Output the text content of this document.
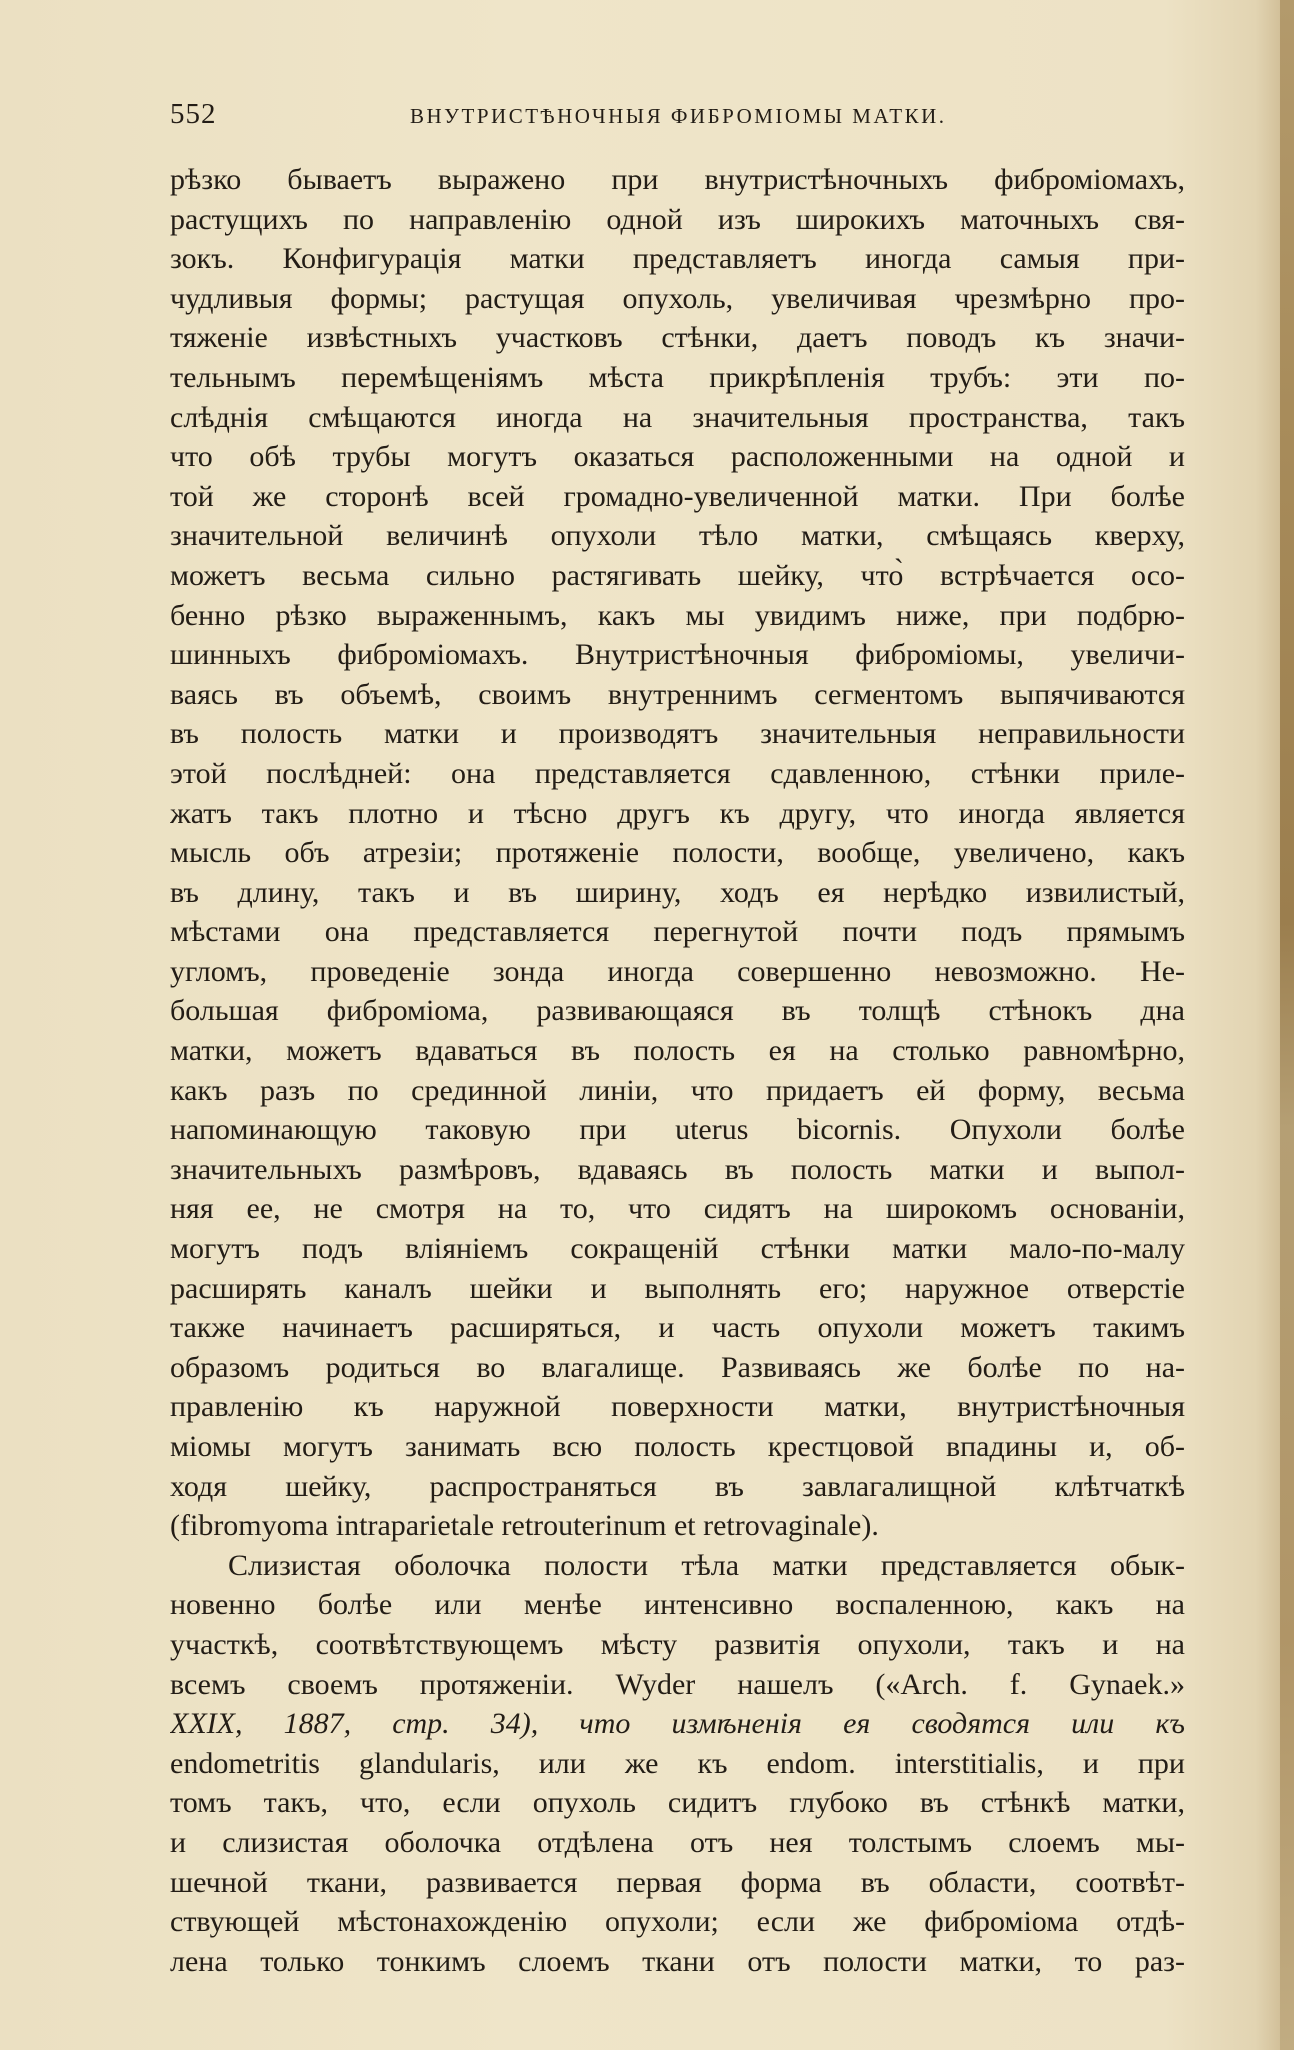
552	ВНУТРИСТѢНОЧНЫЯ ФИБРОМІОМЫ МАТКИ.
рѣзко бываетъ выражено при внутристѣночныхъ фиброміомахъ,
растущихъ по направленію одной изъ широкихъ маточныхъ свя-
зокъ. Конфигурація матки представляетъ иногда самыя при-
чудливыя формы; растущая опухоль, увеличивая чрезмѣрно про-
тяженіе извѣстныхъ участковъ стѣнки, даетъ поводъ къ значи-
тельнымъ перемѣщеніямъ мѣста прикрѣпленія трубъ: эти по-
слѣднія смѣщаются иногда на значительныя пространства, такъ
что обѣ трубы могутъ оказаться расположенными на одной и
той же сторонѣ всей громадно-увеличенной матки. При болѣе
значительной величинѣ опухоли тѣло матки, смѣщаясь кверху,
можетъ весьма сильно растягивать шейку, что̀ встрѣчается осо-
бенно рѣзко выраженнымъ, какъ мы увидимъ ниже, при подбрю-
шинныхъ фиброміомахъ. Внутристѣночныя фиброміомы, увеличи-
ваясь въ объемѣ, своимъ внутреннимъ сегментомъ выпячиваются
въ полость матки и производятъ значительныя неправильности
этой послѣдней: она представляется сдавленною, стѣнки приле-
жатъ такъ плотно и тѣсно другъ къ другу, что иногда является
мысль объ атрезіи; протяженіе полости, вообще, увеличено, какъ
въ длину, такъ и въ ширину, ходъ ея нерѣдко извилистый,
мѣстами она представляется перегнутой почти подъ прямымъ
угломъ, проведеніе зонда иногда совершенно невозможно. Не-
большая фиброміома, развивающаяся въ толщѣ стѣнокъ дна
матки, можетъ вдаваться въ полость ея на столько равномѣрно,
какъ разъ по срединной линіи, что придаетъ ей форму, весьма
напоминающую таковую при uterus bicornis. Опухоли болѣе
значительныхъ размѣровъ, вдаваясь въ полость матки и выпол-
няя ее, не смотря на то, что сидятъ на широкомъ основаніи,
могутъ подъ вліяніемъ сокращеній стѣнки матки мало-по-малу
расширять каналъ шейки и выполнять его; наружное отверстіе
также начинаетъ расширяться, и часть опухоли можетъ такимъ
образомъ родиться во влагалище. Развиваясь же болѣе по на-
правленію къ наружной поверхности матки, внутристѣночныя
міомы могутъ занимать всю полость крестцовой впадины и, об-
ходя шейку, распространяться въ завлагалищной клѣтчаткѣ
(fibromyoma intraparietale retrouterinum et retrovaginale).
Слизистая оболочка полости тѣла матки представляется обык-
новенно болѣе или менѣе интенсивно воспаленною, какъ на
участкѣ, соотвѣтствующемъ мѣсту развитія опухоли, такъ и на
всемъ своемъ протяженіи. Wyder нашелъ («Arch. f. Gynaek.»
XXIX, 1887, стр. 34), что измѣненія ея сводятся или къ
endometritis glandularis, или же къ endom. interstitialis, и при
томъ такъ, что, если опухоль сидитъ глубоко въ стѣнкѣ матки,
и слизистая оболочка отдѣлена отъ нея толстымъ слоемъ мы-
шечной ткани, развивается первая форма въ области, соотвѣт-
ствующей мѣстонахожденію опухоли; если же фиброміома отдѣ-
лена только тонкимъ слоемъ ткани отъ полости матки, то раз-
